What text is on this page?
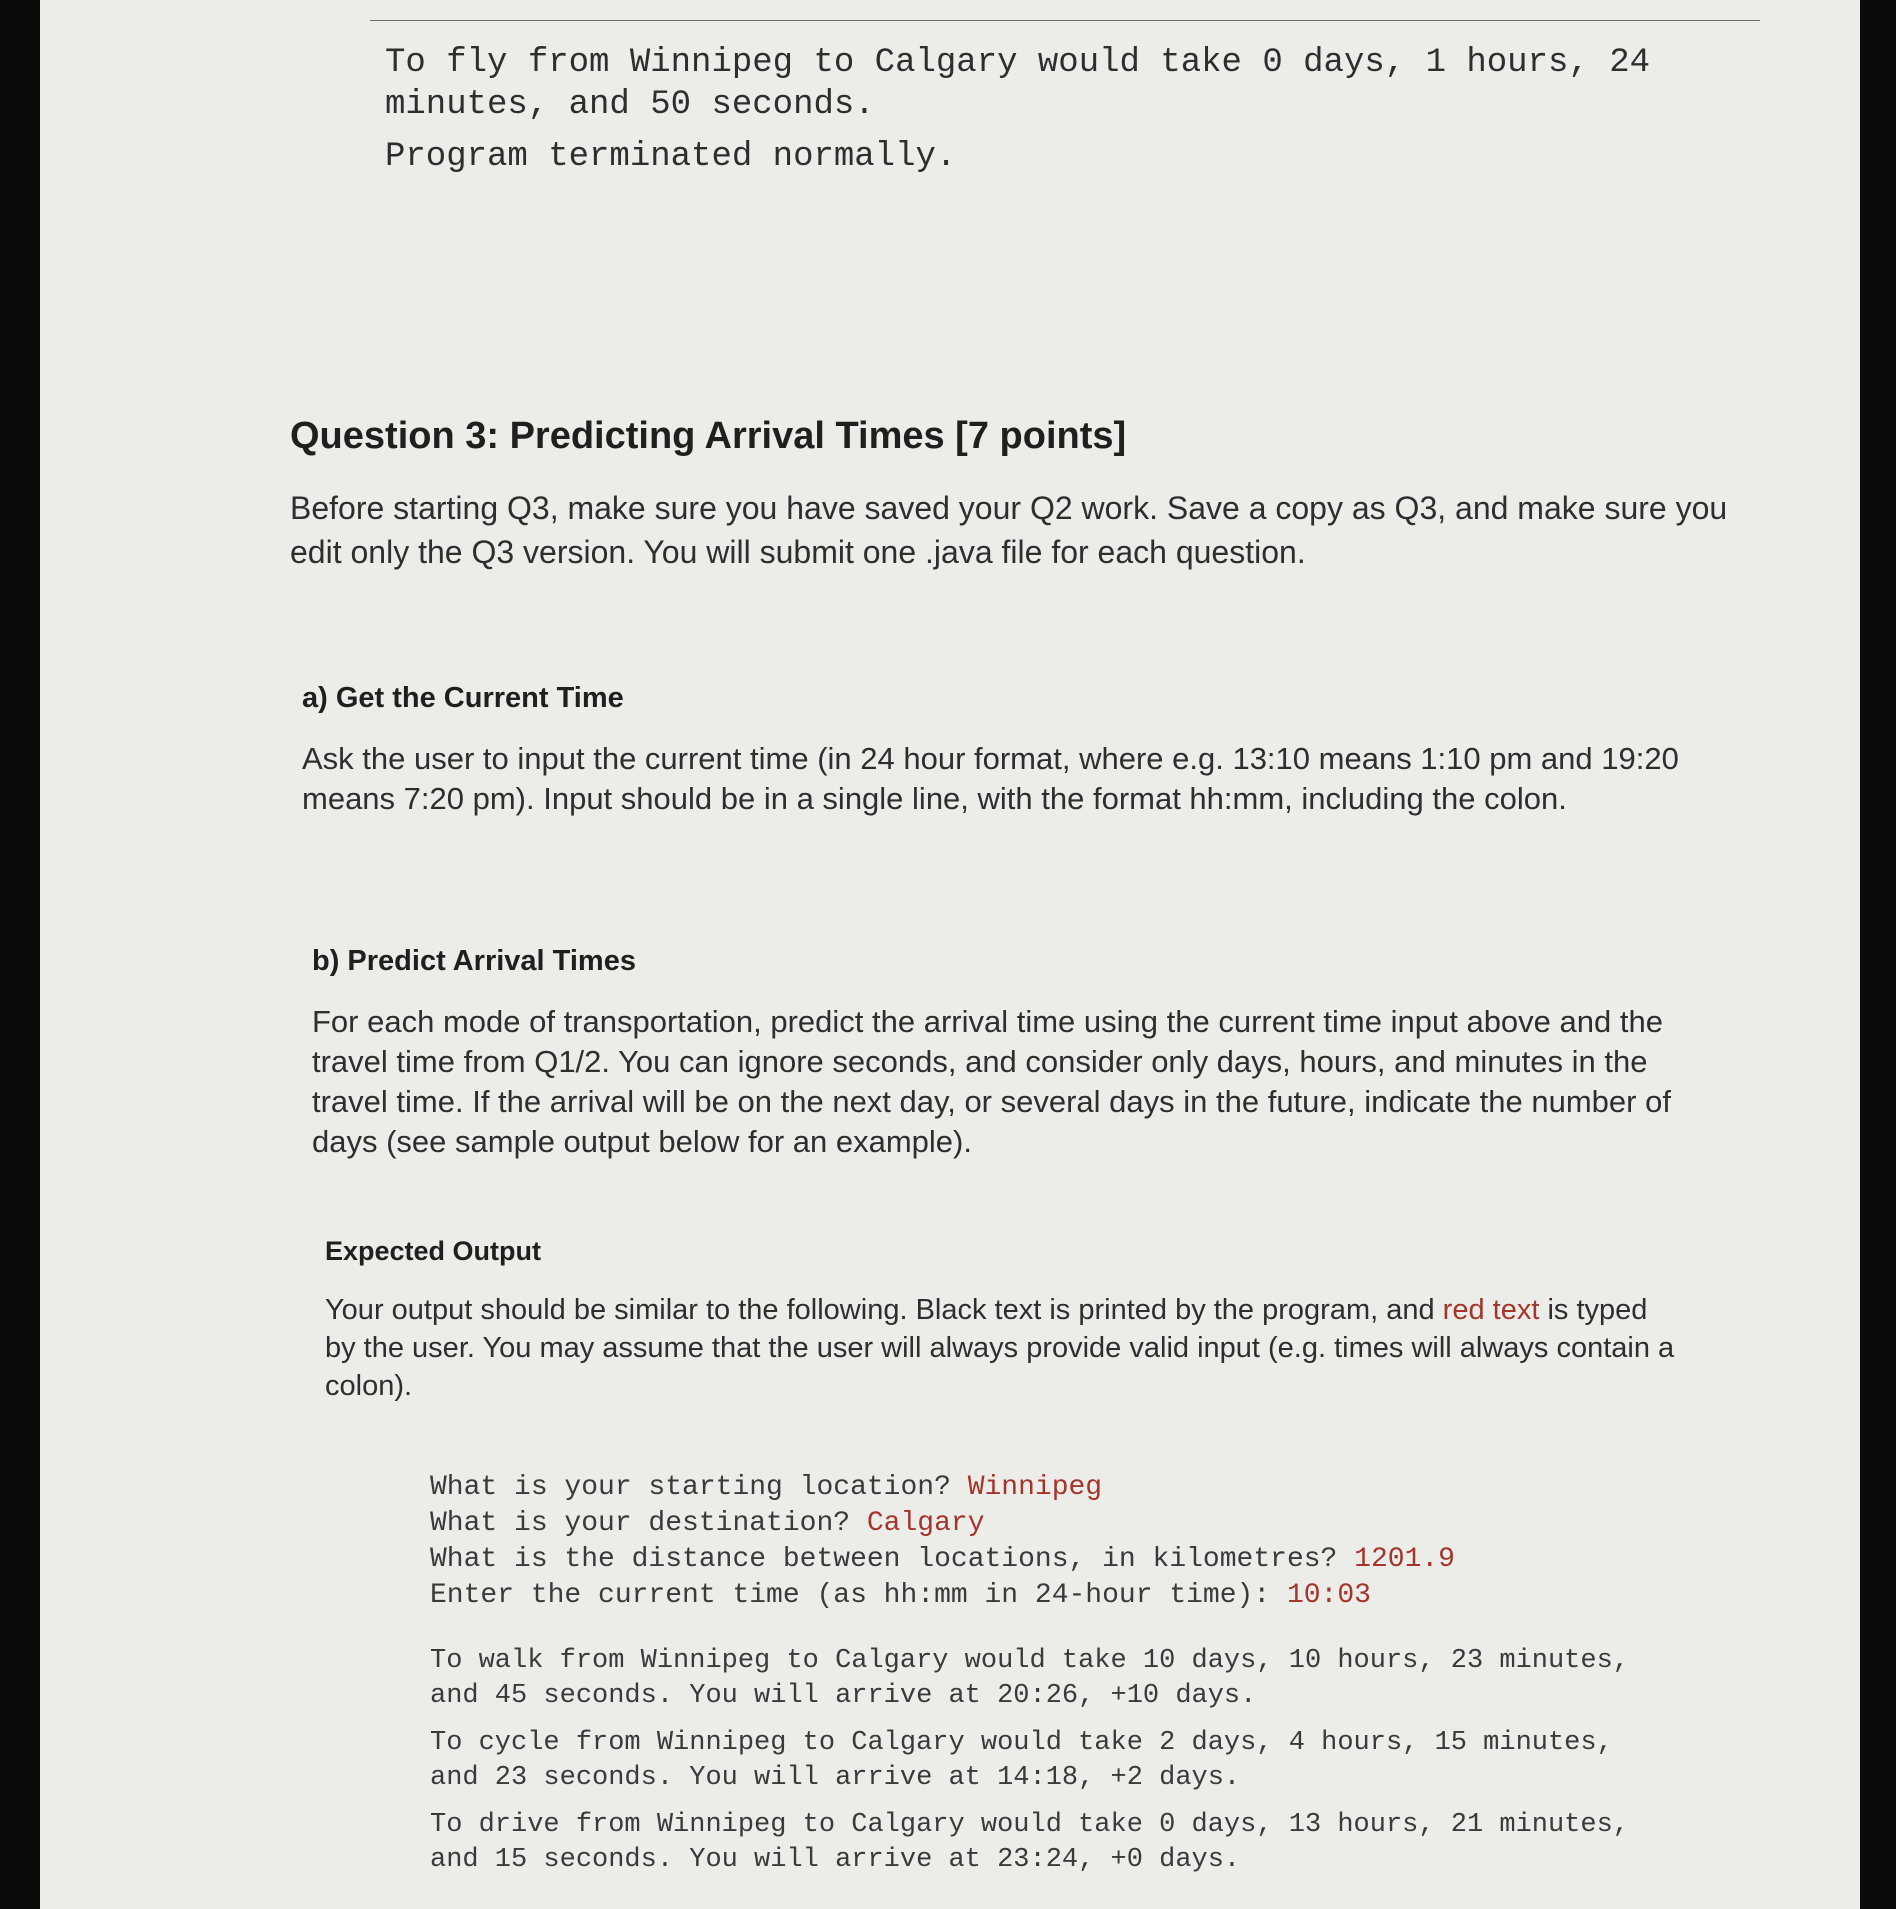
To fly from Winnipeg to Calgary would take 0 days, 1 hours, 24 minutes, and 50 seconds.

Program terminated normally.

Question 3: Predicting Arrival Times [7 points]

Before starting Q3, make sure you have saved your Q2 work. Save a copy as Q3, and make sure you edit only the Q3 version. You will submit one .java file for each question.

a) Get the Current Time

Ask the user to input the current time (in 24 hour format, where e.g. 13:10 means 1:10 pm and 19:20 means 7:20 pm). Input should be in a single line, with the format hh:mm, including the colon.

b) Predict Arrival Times

For each mode of transportation, predict the arrival time using the current time input above and the travel time from Q1/2. You can ignore seconds, and consider only days, hours, and minutes in the travel time. If the arrival will be on the next day, or several days in the future, indicate the number of days (see sample output below for an example).

Expected Output

Your output should be similar to the following. Black text is printed by the program, and red text is typed by the user. You may assume that the user will always provide valid input (e.g. times will always contain a colon).

What is your starting location? Winnipeg

What is your destination? Calgary

What is the distance between locations, in kilometres? 1201.9

Enter the current time (as hh:mm in 24-hour time): 10:03

To walk from Winnipeg to Calgary would take 10 days, 10 hours, 23 minutes, and 45 seconds. You will arrive at 20:26, +10 days.

To cycle from Winnipeg to Calgary would take 2 days, 4 hours, 15 minutes, and 23 seconds. You will arrive at 14:18, +2 days.

To drive from Winnipeg to Calgary would take 0 days, 13 hours, 21 minutes, and 15 seconds. You will arrive at 23:24, +0 days.
